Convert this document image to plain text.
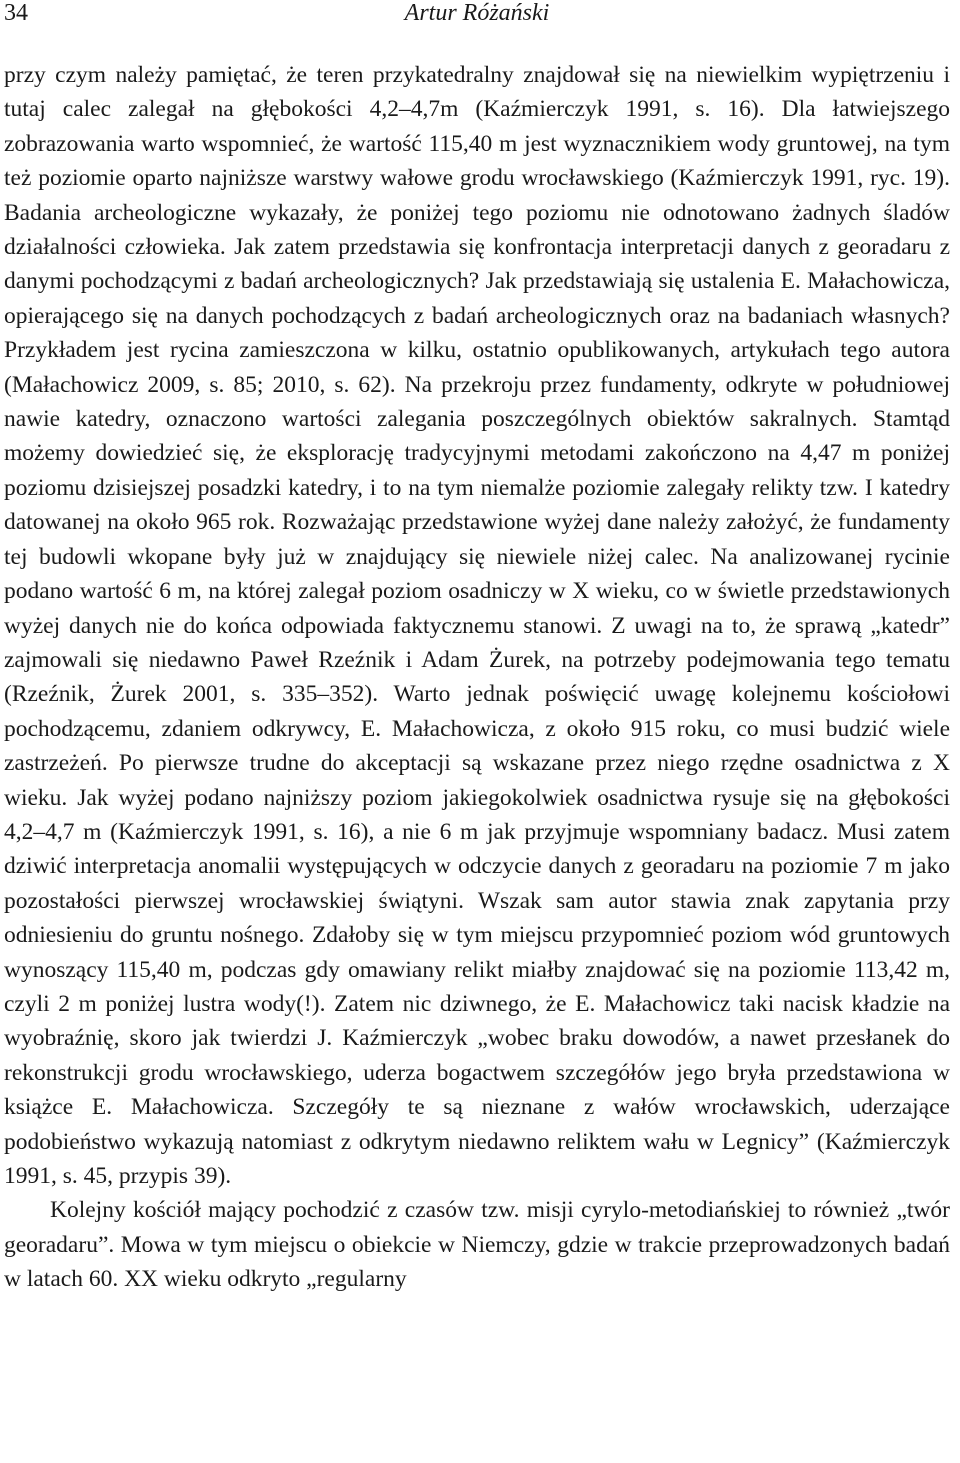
34	Artur Różański

przy czym należy pamiętać, że teren przykatedralny znajdował się na niewielkim wypiętrzeniu i tutaj calec zalegał na głębokości 4,2–4,7m (Kaźmierczyk 1991, s. 16). Dla łatwiejszego zobrazowania warto wspomnieć, że wartość 115,40 m jest wyznacznikiem wody gruntowej, na tym też poziomie oparto najniższe warstwy wałowe grodu wrocławskiego (Kaźmierczyk 1991, ryc. 19). Badania archeologiczne wykazały, że poniżej tego poziomu nie odnotowano żadnych śladów działalności człowieka. Jak zatem przedstawia się konfrontacja interpretacji danych z georadaru z danymi pochodzącymi z badań archeologicznych? Jak przedstawiają się ustalenia E. Małachowicza, opierającego się na danych pochodzących z badań archeologicznych oraz na badaniach własnych? Przykładem jest rycina zamieszczona w kilku, ostatnio opublikowanych, artykułach tego autora (Małachowicz 2009, s. 85; 2010, s. 62). Na przekroju przez fundamenty, odkryte w południowej nawie katedry, oznaczono wartości zalegania poszczególnych obiektów sakralnych. Stamtąd możemy dowiedzieć się, że eksplorację tradycyjnymi metodami zakończono na 4,47 m poniżej poziomu dzisiejszej posadzki katedry, i to na tym niemalże poziomie zalegały relikty tzw. I katedry datowanej na około 965 rok. Rozważając przedstawione wyżej dane należy założyć, że fundamenty tej budowli wkopane były już w znajdujący się niewiele niżej calec. Na analizowanej rycinie podano wartość 6 m, na której zalegał poziom osadniczy w X wieku, co w świetle przedstawionych wyżej danych nie do końca odpowiada faktycznemu stanowi. Z uwagi na to, że sprawą „katedr” zajmowali się niedawno Paweł Rzeźnik i Adam Żurek, na potrzeby podejmowania tego tematu (Rzeźnik, Żurek 2001, s. 335–352). Warto jednak poświęcić uwagę kolejnemu kościołowi pochodzącemu, zdaniem odkrywcy, E. Małachowicza, z około 915 roku, co musi budzić wiele zastrzeżeń. Po pierwsze trudne do akceptacji są wskazane przez niego rzędne osadnictwa z X wieku. Jak wyżej podano najniższy poziom jakiegokolwiek osadnictwa rysuje się na głębokości 4,2–4,7 m (Kaźmierczyk 1991, s. 16), a nie 6 m jak przyjmuje wspomniany badacz. Musi zatem dziwić interpretacja anomalii występujących w odczycie danych z georadaru na poziomie 7 m jako pozostałości pierwszej wrocławskiej świątyni. Wszak sam autor stawia znak zapytania przy odniesieniu do gruntu nośnego. Zdałoby się w tym miejscu przypomnieć poziom wód gruntowych wynoszący 115,40 m, podczas gdy omawiany relikt miałby znajdować się na poziomie 113,42 m, czyli 2 m poniżej lustra wody(!). Zatem nic dziwnego, że E. Małachowicz taki nacisk kładzie na wyobraźnię, skoro jak twierdzi J. Kaźmierczyk „wobec braku dowodów, a nawet przesłanek do rekonstrukcji grodu wrocławskiego, uderza bogactwem szczegółów jego bryła przedstawiona w książce E. Małachowicza. Szczegóły te są nieznane z wałów wrocławskich, uderzające podobieństwo wykazują natomiast z odkrytym niedawno reliktem wału w Legnicy” (Kaźmierczyk 1991, s. 45, przypis 39).

Kolejny kościół mający pochodzić z czasów tzw. misji cyrylo-metodiańskiej to również „twór georadaru”. Mowa w tym miejscu o obiekcie w Niemczy, gdzie w trakcie przeprowadzonych badań w latach 60. XX wieku odkryto „regularny
